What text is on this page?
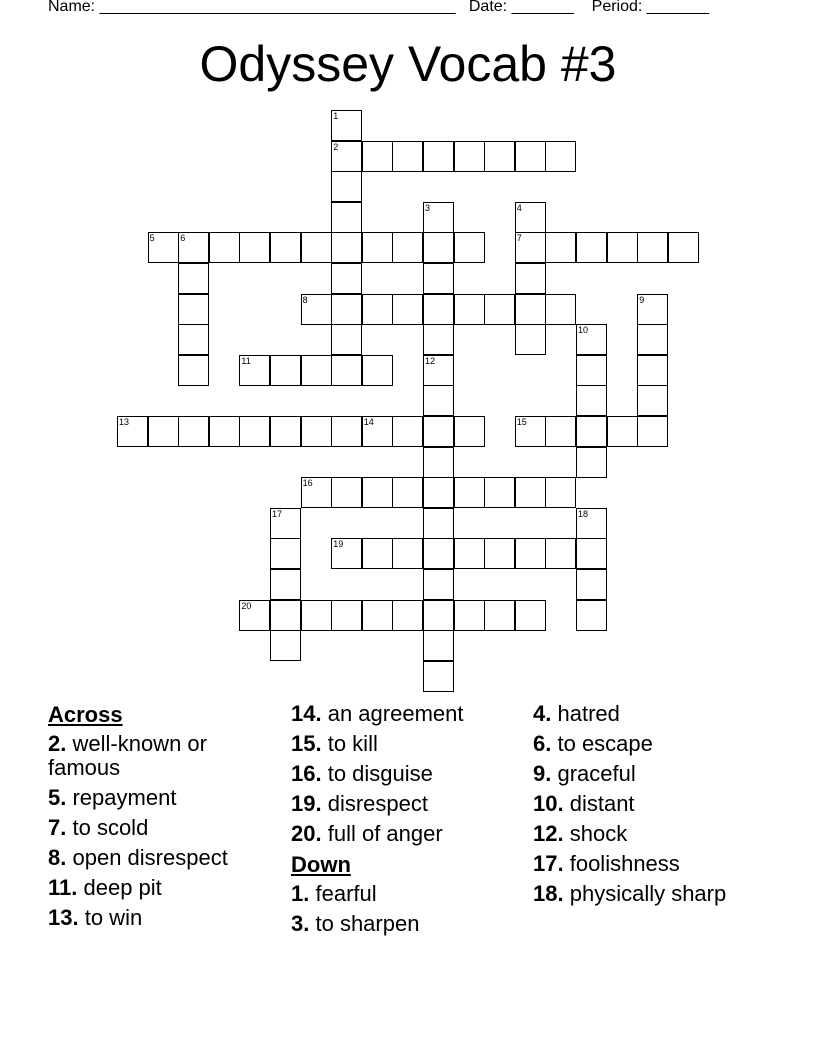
Name: ________________________________________ Date: _______ Period: _______
Odyssey Vocab #3
1
2
3	4
5	6	7
8	9
10
11	12
13	14	15
16
17	18
19
20
Across
2. well-known or famous
5. repayment
7. to scold
8. open disrespect
11. deep pit
13. to win
14. an agreement
15. to kill
16. to disguise
19. disrespect
20. full of anger
Down
1. fearful
3. to sharpen
4. hatred
6. to escape
9. graceful
10. distant
12. shock
17. foolishness
18. physically sharp
